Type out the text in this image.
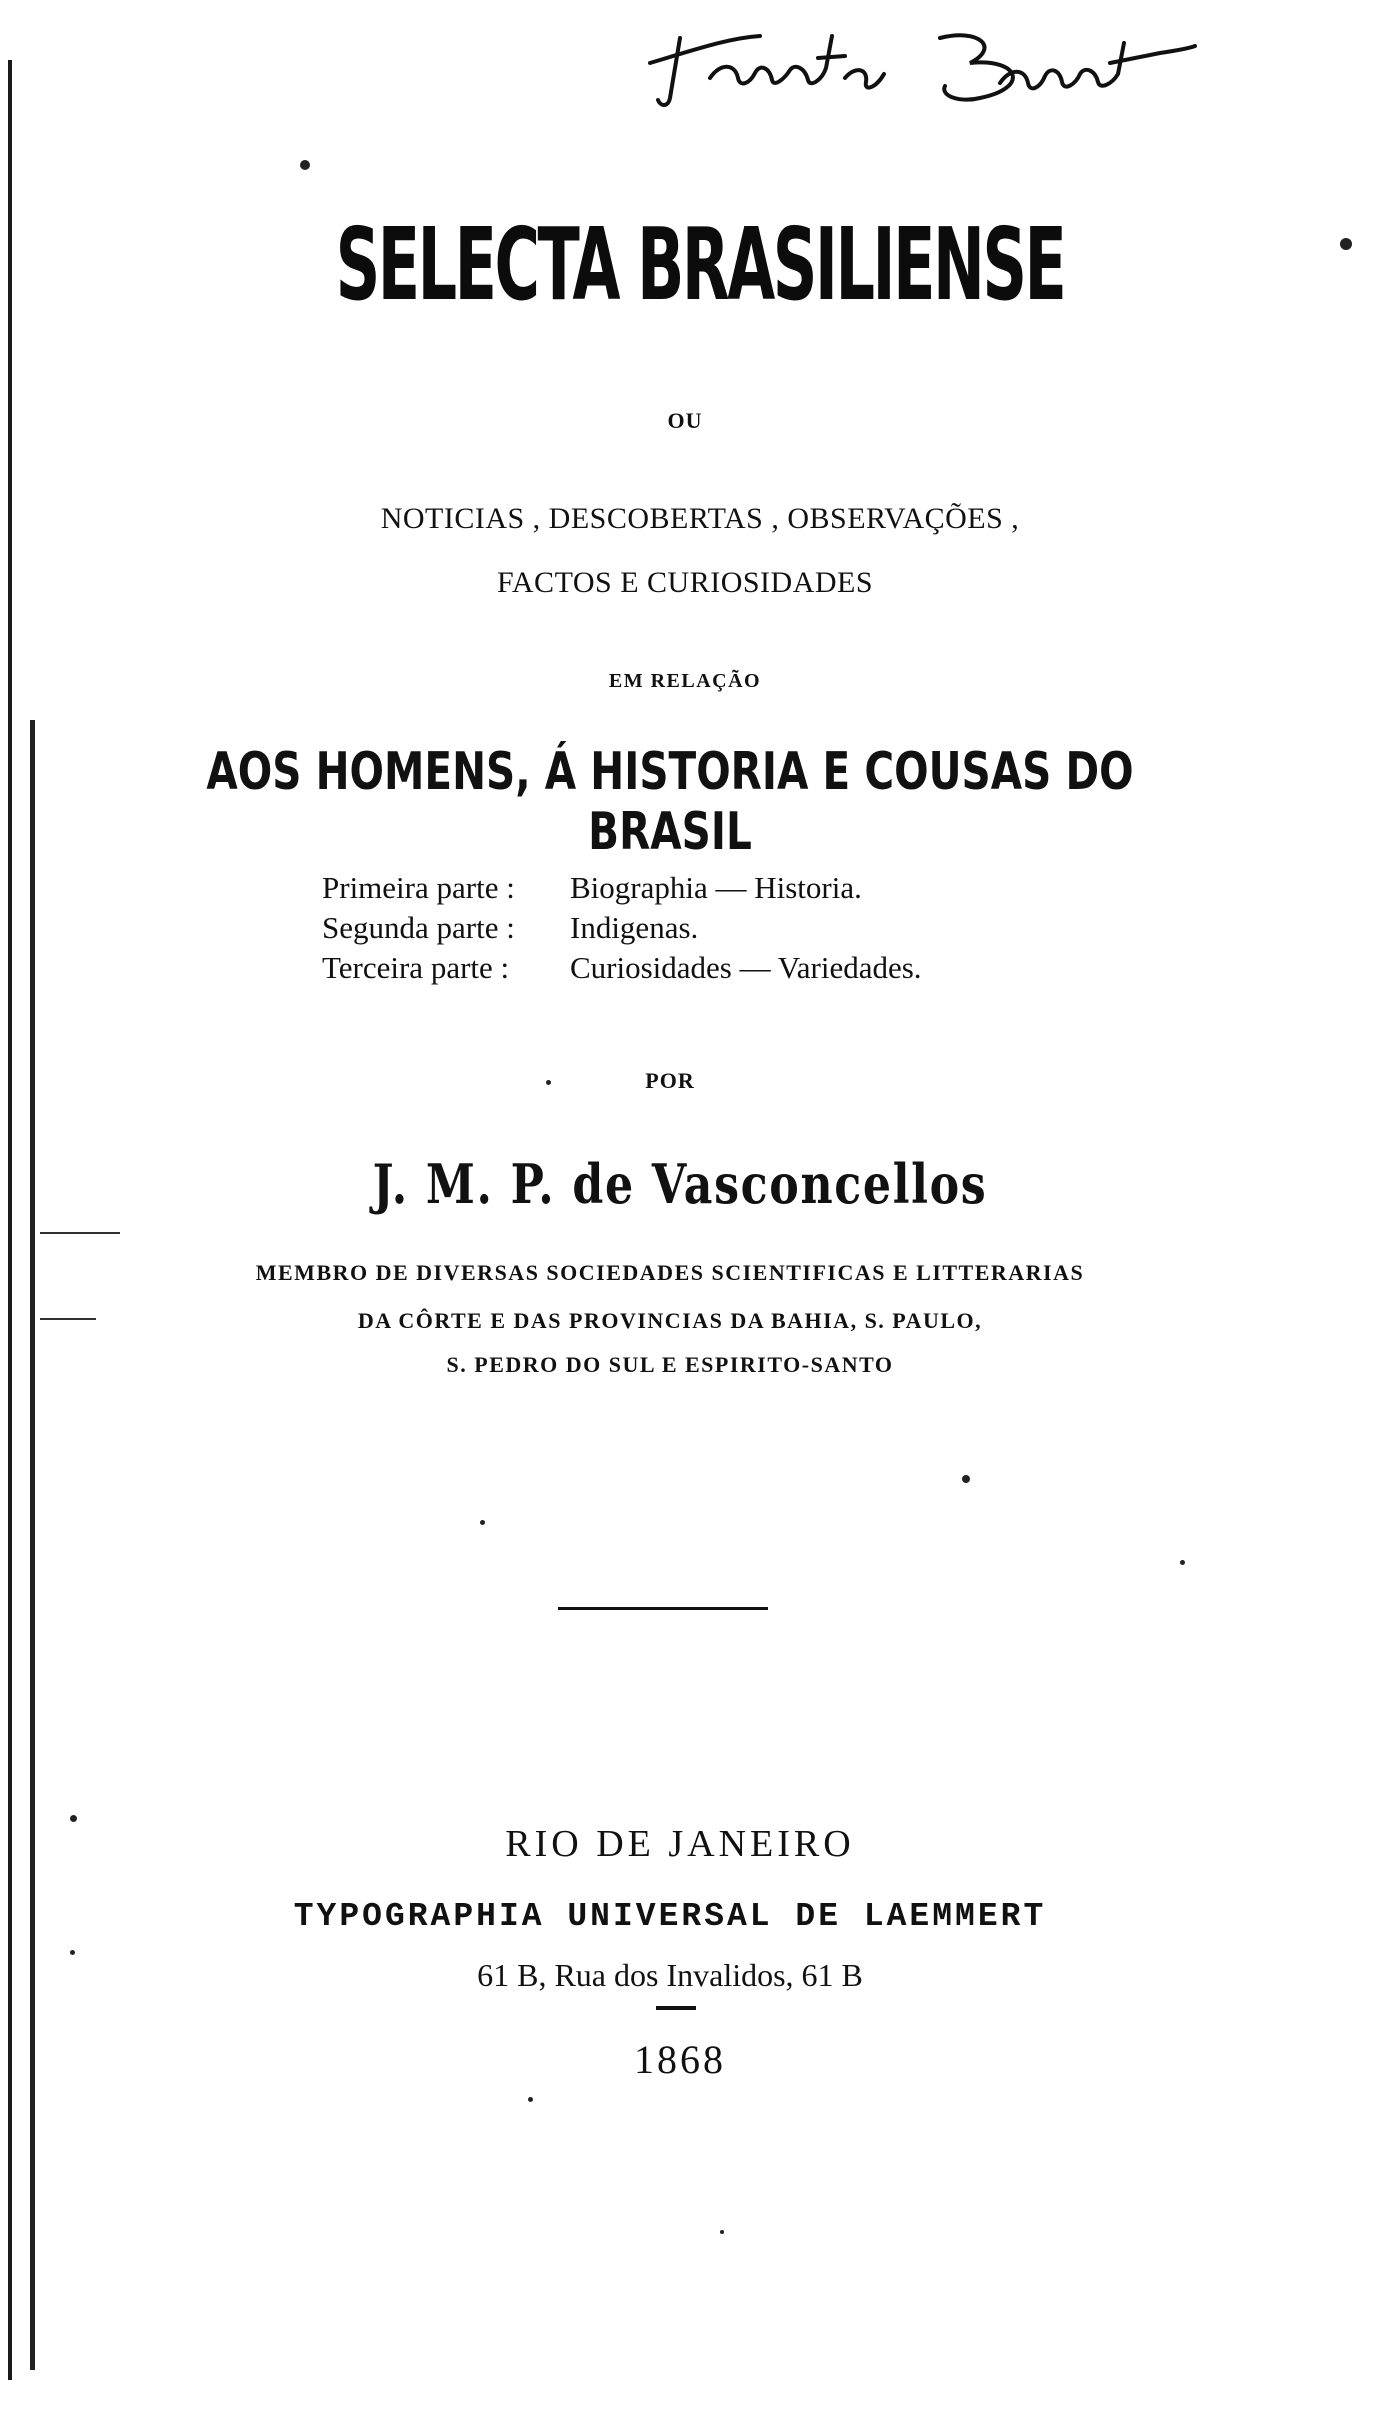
SELECTA BRASILIENSE
OU
NOTICIAS , DESCOBERTAS , OBSERVAÇÕES ,
FACTOS E CURIOSIDADES
EM RELAÇÃO
AOS HOMENS, Á HISTORIA E COUSAS DO BRASIL
Primeira parte : Biographia — Historia.
Segunda parte : Indigenas.
Terceira parte : Curiosidades — Variedades.
POR
J. M. P. de Vasconcellos
MEMBRO DE DIVERSAS SOCIEDADES SCIENTIFICAS E LITTERARIAS
DA CÔRTE E DAS PROVINCIAS DA BAHIA, S. PAULO,
S. PEDRO DO SUL E ESPIRITO-SANTO
RIO DE JANEIRO
TYPOGRAPHIA UNIVERSAL DE LAEMMERT
61 B, Rua dos Invalidos, 61 B
1868
